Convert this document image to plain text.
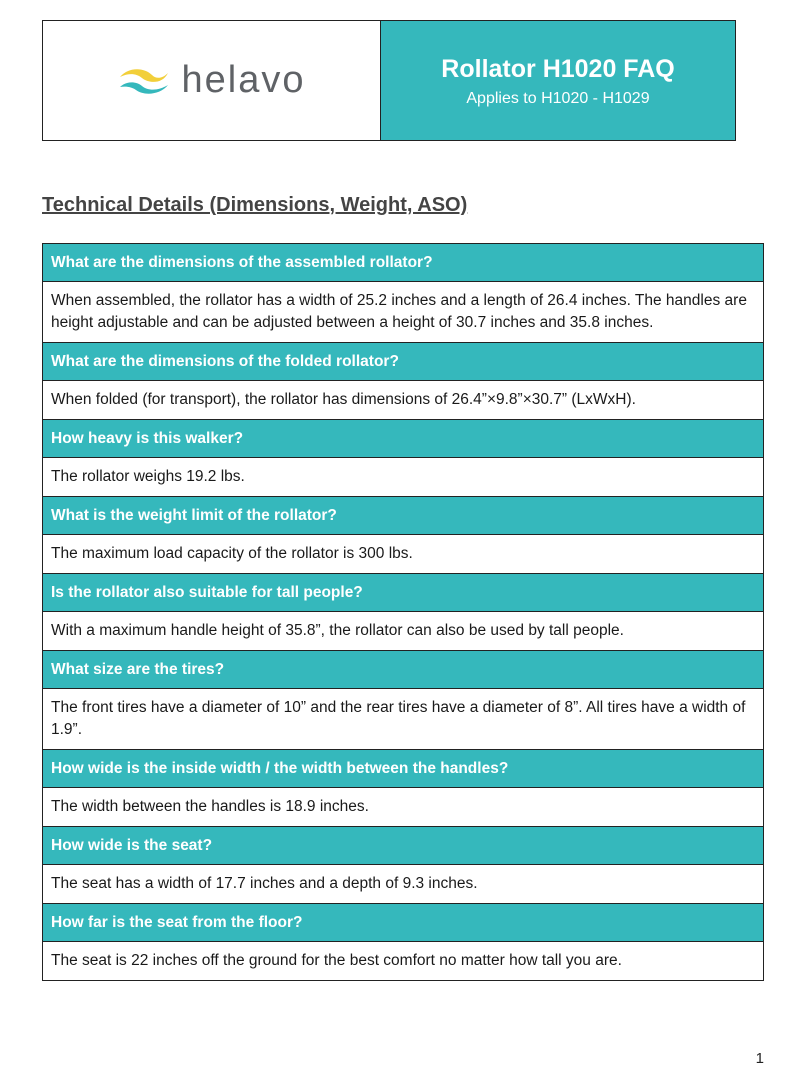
helavo	Rollator H1020 FAQ
Applies to H1020 - H1029
Technical Details (Dimensions, Weight, ASO)
What are the dimensions of the assembled rollator?
When assembled, the rollator has a width of 25.2 inches and a length of 26.4 inches. The handles are height adjustable and can be adjusted between a height of 30.7 inches and 35.8 inches.
What are the dimensions of the folded rollator?
When folded (for transport), the rollator has dimensions of 26.4”×9.8”×30.7” (LxWxH).
How heavy is this walker?
The rollator weighs 19.2 lbs.
What is the weight limit of the rollator?
The maximum load capacity of the rollator is 300 lbs.
Is the rollator also suitable for tall people?
With a maximum handle height of 35.8”, the rollator can also be used by tall people.
What size are the tires?
The front tires have a diameter of 10” and the rear tires have a diameter of 8”. All tires have a width of 1.9”.
How wide is the inside width / the width between the handles?
The width between the handles is 18.9 inches.
How wide is the seat?
The seat has a width of 17.7 inches and a depth of 9.3 inches.
How far is the seat from the floor?
The seat is 22 inches off the ground for the best comfort no matter how tall you are.
1
